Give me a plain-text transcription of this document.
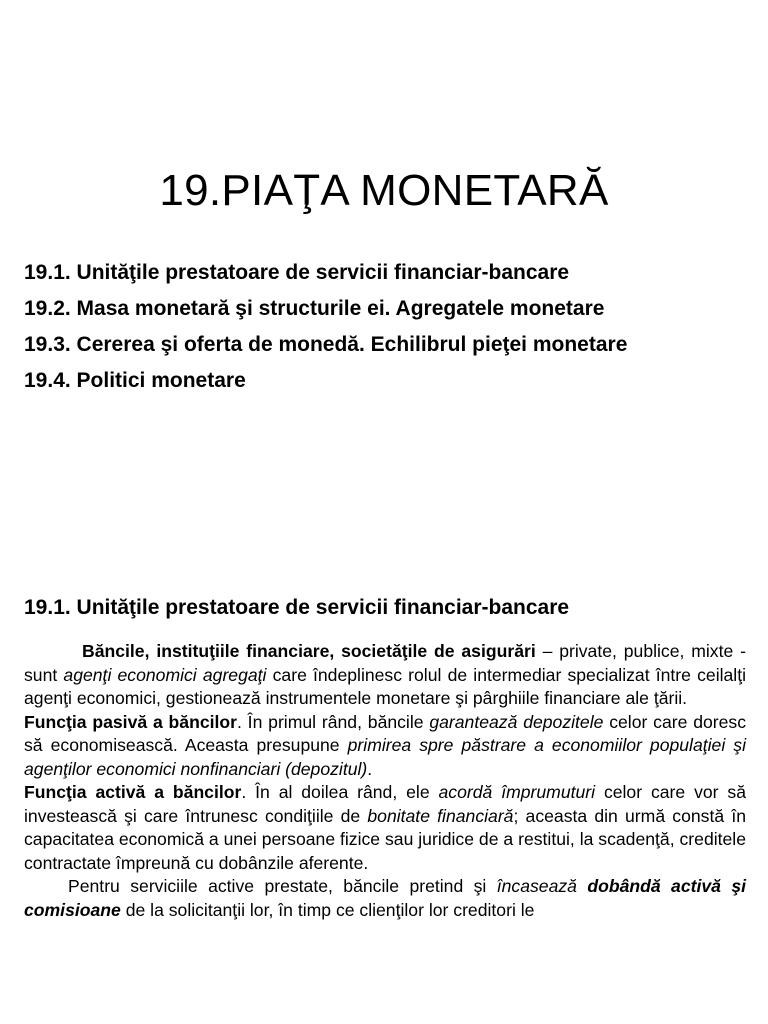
19.PIAŢA MONETARĂ
19.1. Unităţile prestatoare de servicii financiar-bancare
19.2. Masa monetară şi structurile ei. Agregatele monetare
19.3. Cererea şi oferta de monedă. Echilibrul pieţei monetare
19.4. Politici monetare
19.1. Unităţile prestatoare de servicii financiar-bancare

Băncile, instituţiile financiare, societăţile de asigurări – private, publice, mixte - sunt agenţi economici agregaţi care îndeplinesc rolul de intermediar specializat între ceilalţi agenţi economici, gestionează instrumentele monetare şi pârghiile financiare ale ţării.

Funcţia pasivă a băncilor. În primul rând, băncile garantează depozitele celor care doresc să economisească. Aceasta presupune primirea spre păstrare a economiilor populaţiei şi agenţilor economici nonfinanciari (depozitul).

Funcţia activă a băncilor. În al doilea rând, ele acordă împrumuturi celor care vor să investească şi care întrunesc condiţiile de bonitate financiară; aceasta din urmă constă în capacitatea economică a unei persoane fizice sau juridice de a restitui, la scadenţă, creditele contractate împreună cu dobânzile aferente.

Pentru serviciile active prestate, băncile pretind şi încasează dobândă activă şi comisioane de la solicitanţii lor, în timp ce clienţilor lor creditori le
